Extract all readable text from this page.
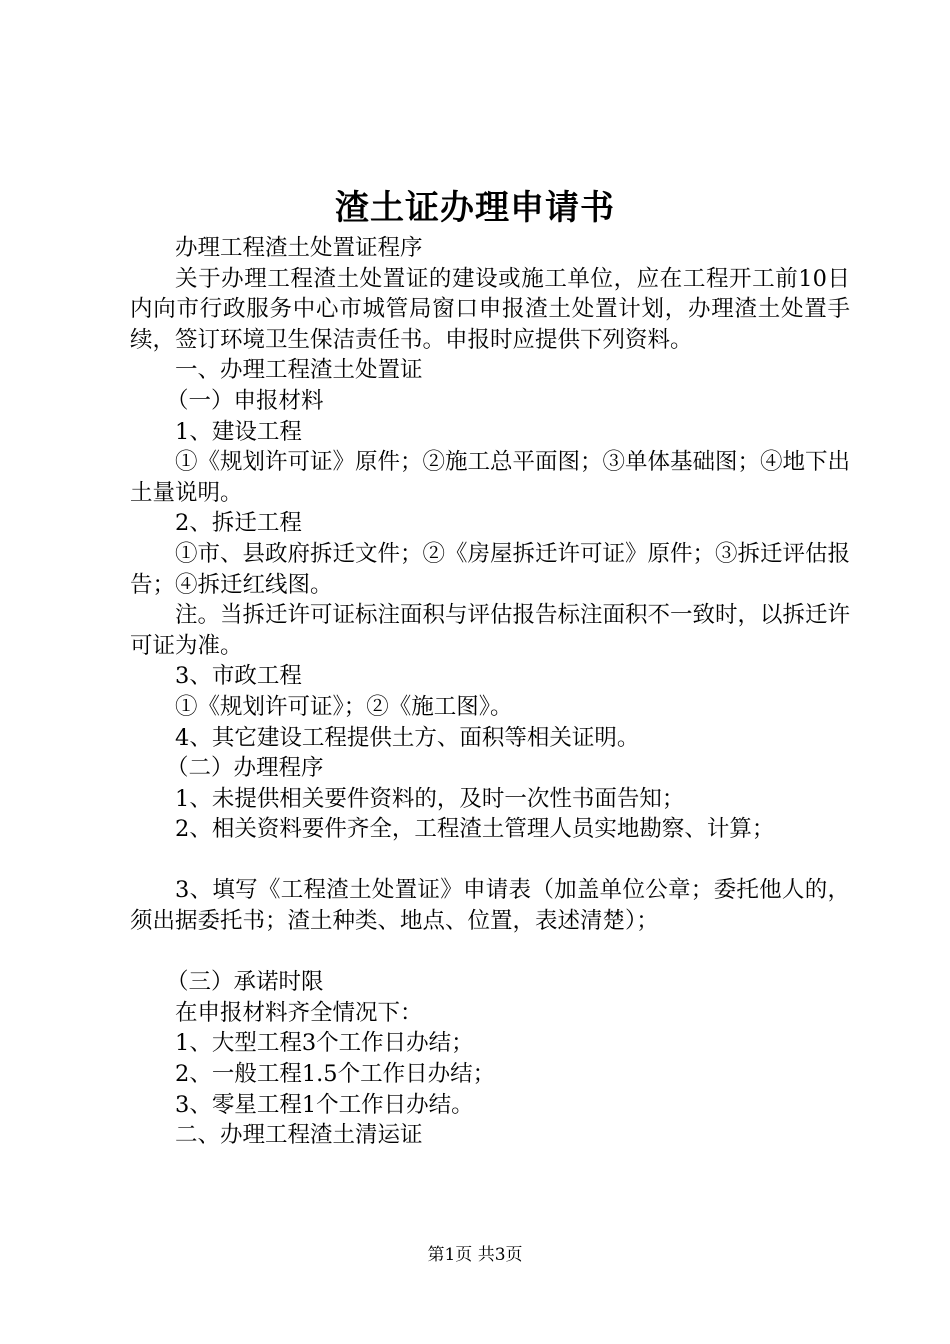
渣土证办理申请书

办理工程渣土处置证程序

关于办理工程渣土处置证的建设或施工单位，应在工程开工前10日内向市行政服务中心市城管局窗口申报渣土处置计划，办理渣土处置手续，签订环境卫生保洁责任书。申报时应提供下列资料。

一、办理工程渣土处置证

（一）申报材料

1、建设工程

①《规划许可证》原件；②施工总平面图；③单体基础图；④地下出土量说明。

2、拆迁工程

①市、县政府拆迁文件；②《房屋拆迁许可证》原件；③拆迁评估报告；④拆迁红线图。

注。当拆迁许可证标注面积与评估报告标注面积不一致时，以拆迁许可证为准。

3、市政工程

①《规划许可证》；②《施工图》。

4、其它建设工程提供土方、面积等相关证明。

（二）办理程序

1、未提供相关要件资料的，及时一次性书面告知；

2、相关资料要件齐全，工程渣土管理人员实地勘察、计算；

3、填写《工程渣土处置证》申请表（加盖单位公章；委托他人的，须出据委托书；渣土种类、地点、位置，表述清楚）；

（三）承诺时限

在申报材料齐全情况下：

1、大型工程3个工作日办结；

2、一般工程1.5个工作日办结；

3、零星工程1个工作日办结。

二、办理工程渣土清运证

第1页 共3页
